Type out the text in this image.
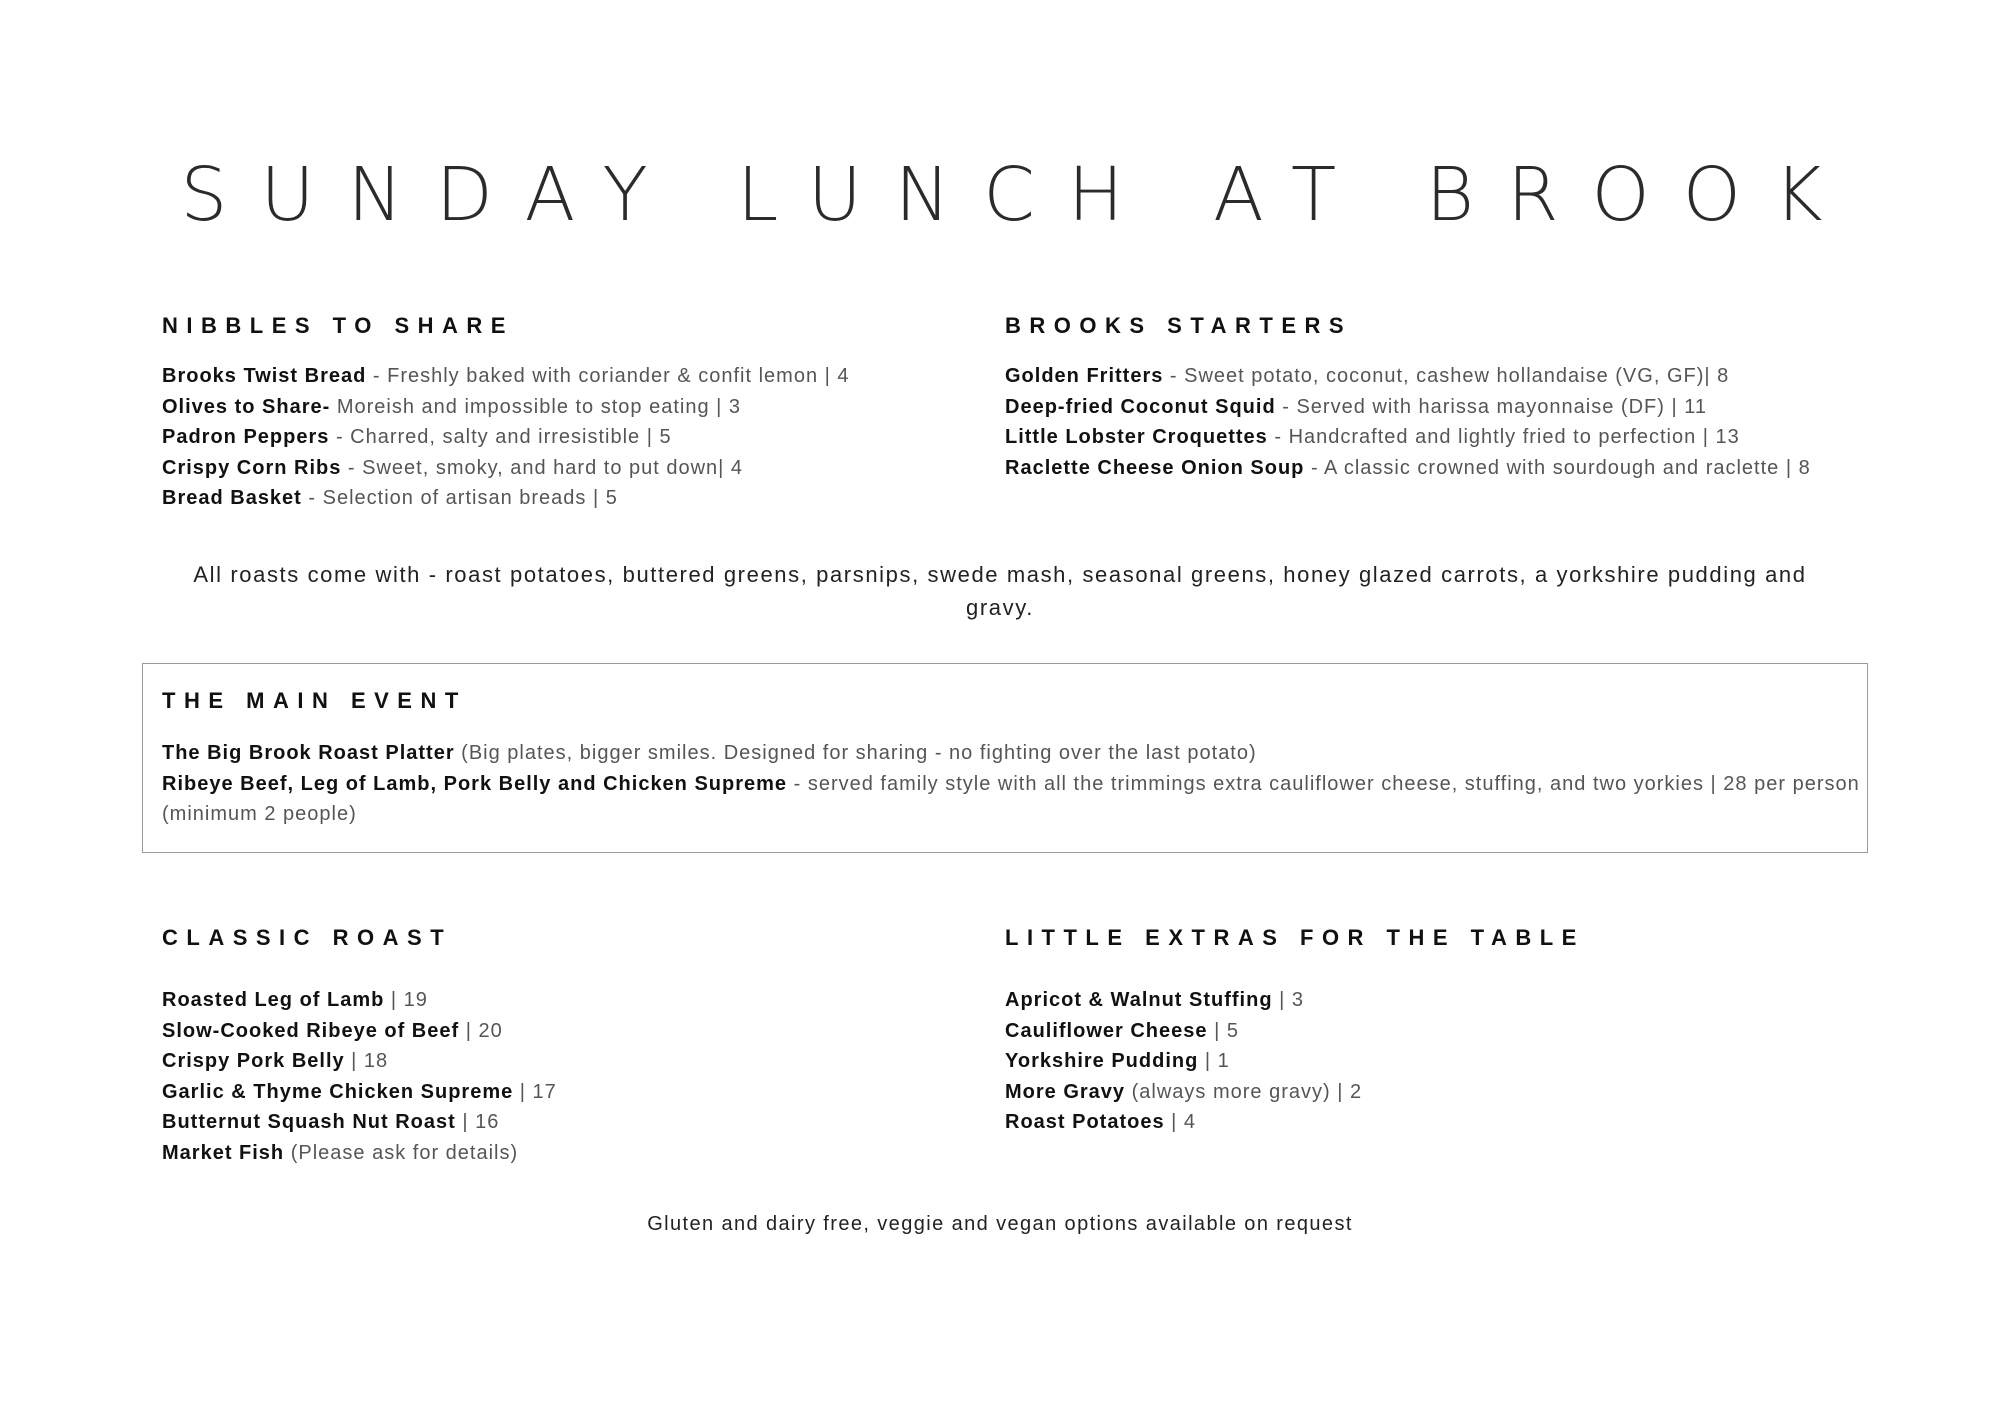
SUNDAY LUNCH AT BROOK
NIBBLES TO SHARE
Brooks Twist Bread - Freshly baked with coriander & confit lemon | 4
Olives to Share- Moreish and impossible to stop eating | 3
Padron Peppers - Charred, salty and irresistible | 5
Crispy Corn Ribs - Sweet, smoky, and hard to put down| 4
Bread Basket - Selection of artisan breads | 5
BROOKS STARTERS
Golden Fritters - Sweet potato, coconut, cashew hollandaise (VG, GF)| 8
Deep-fried Coconut Squid - Served with harissa mayonnaise (DF) | 11
Little Lobster Croquettes - Handcrafted and lightly fried to perfection | 13
Raclette Cheese Onion Soup - A classic crowned with sourdough and raclette | 8
All roasts come with - roast potatoes, buttered greens, parsnips, swede mash, seasonal greens, honey glazed carrots, a yorkshire pudding and gravy.
THE MAIN EVENT
The Big Brook Roast Platter (Big plates, bigger smiles. Designed for sharing - no fighting over the last potato)
Ribeye Beef, Leg of Lamb, Pork Belly and Chicken Supreme - served family style with all the trimmings extra cauliflower cheese, stuffing, and two yorkies | 28 per person (minimum 2 people)
CLASSIC ROAST
Roasted Leg of Lamb | 19
Slow-Cooked Ribeye of Beef | 20
Crispy Pork Belly | 18
Garlic & Thyme Chicken Supreme | 17
Butternut Squash Nut Roast | 16
Market Fish (Please ask for details)
LITTLE EXTRAS FOR THE TABLE
Apricot & Walnut Stuffing | 3
Cauliflower Cheese | 5
Yorkshire Pudding | 1
More Gravy (always more gravy) | 2
Roast Potatoes | 4
Gluten and dairy free, veggie and vegan options available on request
